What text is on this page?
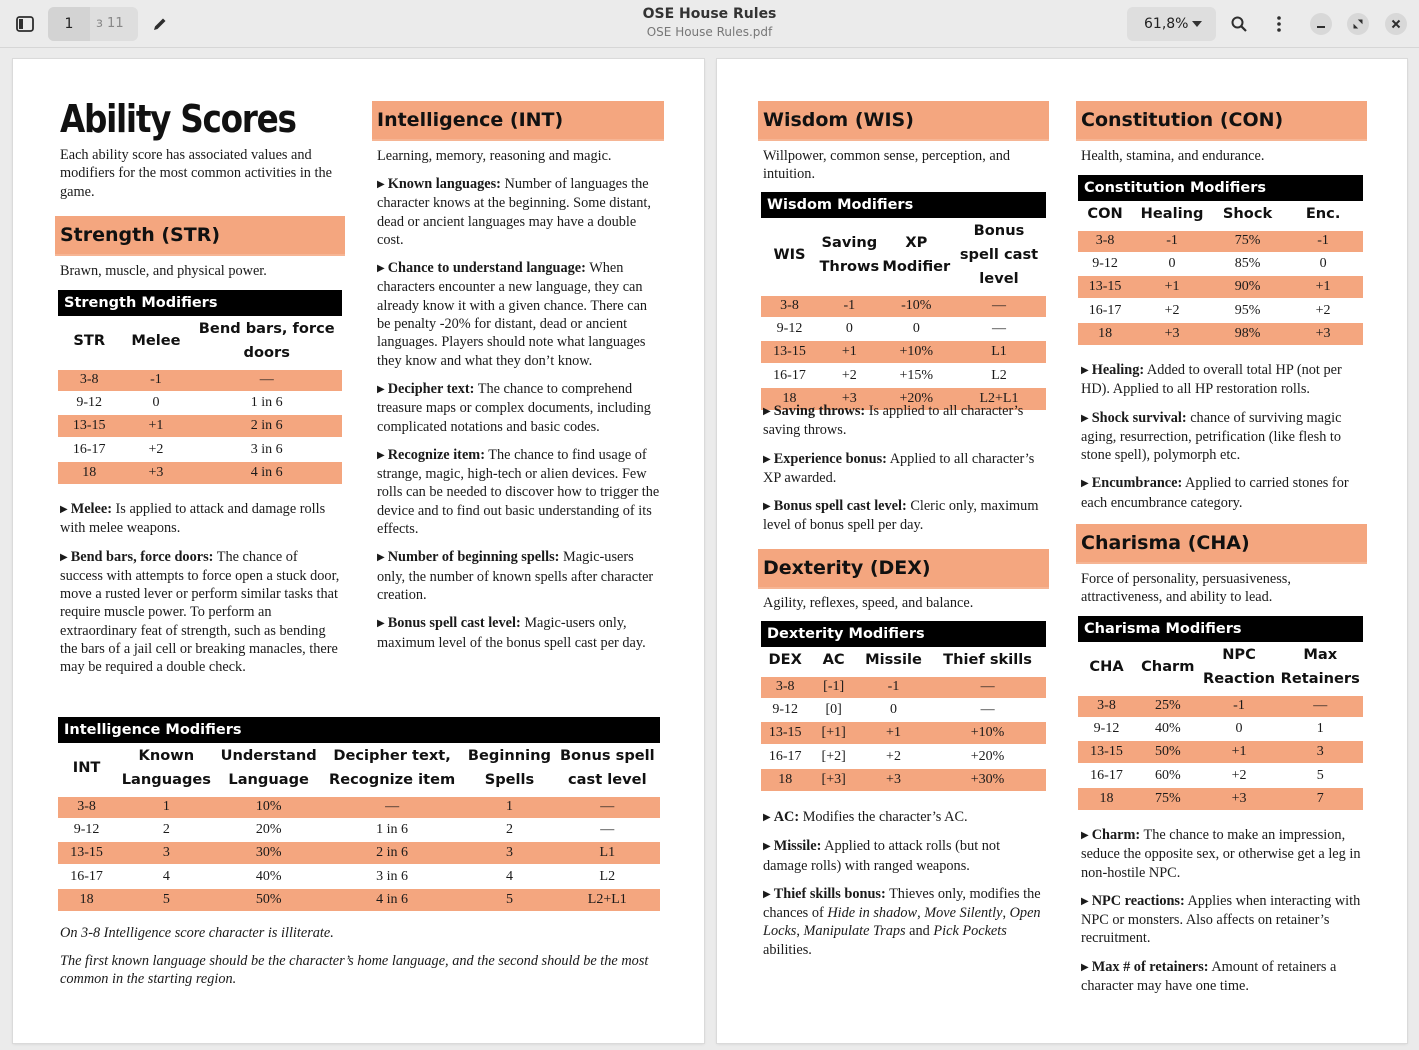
1	з 11
OSE House Rules
OSE House Rules.pdf	61,8%
Ability Scores
Each ability score has associated values and modifiers for the most common activities in the game.
Strength (STR)
Brawn, muscle, and physical power.
Strength Modifiers
STR	Melee	Bend bars, force doors
3-8	-1	—
9-12	0	1 in 6
13-15	+1	2 in 6
16-17	+2	3 in 6
18	+3	4 in 6
▶ Melee: Is applied to attack and damage rolls with melee weapons.
▶ Bend bars, force doors: The chance of success with attempts to force open a stuck door, move a rusted lever or perform similar tasks that require muscle power. To perform an extraordinary feat of strength, such as bending the bars of a jail cell or breaking manacles, there may be required a double check.
Intelligence (INT)
Learning, memory, reasoning and magic.
▶ Known languages: Number of languages the character knows at the beginning. Some distant, dead or ancient languages may have a double cost.
▶ Chance to understand language: When characters encounter a new language, they can already know it with a given chance. There can be penalty -20% for distant, dead or ancient languages. Players should note what languages they know and what they don’t know.
▶ Decipher text: The chance to comprehend treasure maps or complex documents, including complicated notations and basic codes.
▶ Recognize item: The chance to find usage of strange, magic, high-tech or alien devices. Few rolls can be needed to discover how to trigger the device and to find out basic understanding of its effects.
▶ Number of beginning spells: Magic-users only, the number of known spells after character creation.
▶ Bonus spell cast level: Magic-users only, maximum level of the bonus spell cast per day.
Intelligence Modifiers
INT	Known Languages	Understand Language	Decipher text, Recognize item	Beginning Spells	Bonus spell cast level
3-8	1	10%	—	1	—
9-12	2	20%	1 in 6	2	—
13-15	3	30%	2 in 6	3	L1
16-17	4	40%	3 in 6	4	L2
18	5	50%	4 in 6	5	L2+L1
On 3-8 Intelligence score character is illiterate.
The first known language should be the character’s home language, and the second should be the most common in the starting region.
Wisdom (WIS)
Willpower, common sense, perception, and intuition.
Wisdom Modifiers
WIS	Saving Throws	XP Modifier	Bonus spell cast level
3-8	-1	-10%	—
9-12	0	0	—
13-15	+1	+10%	L1
16-17	+2	+15%	L2
18	+3	+20%	L2+L1
▶ Saving throws: Is applied to all character’s saving throws.
▶ Experience bonus: Applied to all character’s XP awarded.
▶ Bonus spell cast level: Cleric only, maximum level of bonus spell per day.
Dexterity (DEX)
Agility, reflexes, speed, and balance.
Dexterity Modifiers
DEX	AC	Missile	Thief skills
3-8	[-1]	-1	—
9-12	[0]	0	—
13-15	[+1]	+1	+10%
16-17	[+2]	+2	+20%
18	[+3]	+3	+30%
▶ AC: Modifies the character’s AC.
▶ Missile: Applied to attack rolls (but not damage rolls) with ranged weapons.
▶ Thief skills bonus: Thieves only, modifies the chances of Hide in shadow, Move Silently, Open Locks, Manipulate Traps and Pick Pockets abilities.
Constitution (CON)
Health, stamina, and endurance.
Constitution Modifiers
CON	Healing	Shock	Enc.
3-8	-1	75%	-1
9-12	0	85%	0
13-15	+1	90%	+1
16-17	+2	95%	+2
18	+3	98%	+3
▶ Healing: Added to overall total HP (not per HD). Applied to all HP restoration rolls.
▶ Shock survival: chance of surviving magic aging, resurrection, petrification (like flesh to stone spell), polymorph etc.
▶ Encumbrance: Applied to carried stones for each encumbrance category.
Charisma (CHA)
Force of personality, persuasiveness, attractiveness, and ability to lead.
Charisma Modifiers
CHA	Charm	NPC Reaction	Max Retainers
3-8	25%	-1	—
9-12	40%	0	1
13-15	50%	+1	3
16-17	60%	+2	5
18	75%	+3	7
▶ Charm: The chance to make an impression, seduce the opposite sex, or otherwise get a leg in non-hostile NPC.
▶ NPC reactions: Applies when interacting with NPC or monsters. Also affects on retainer’s recruitment.
▶ Max # of retainers: Amount of retainers a character may have one time.
